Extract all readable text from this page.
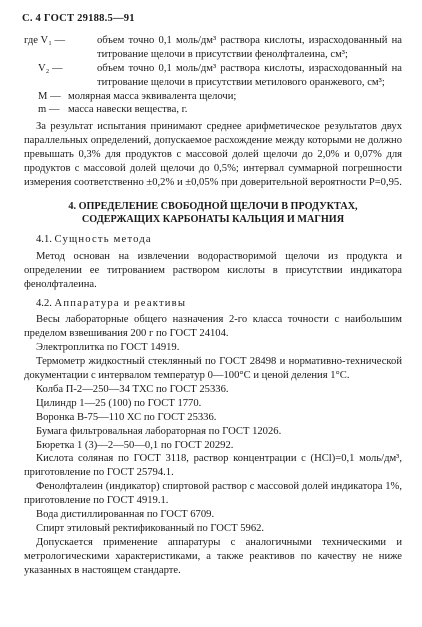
С. 4 ГОСТ 29188.5—91
где V₁ —	объем точно 0,1 моль/дм³ раствора кислоты, израсходованный на титрование щелочи в присутствии фенолфталеина, см³;
V₂ —	объем точно 0,1 моль/дм³ раствора кислоты, израсходованный на титрование щелочи в присутствии метилового оранжевого, см³;
M — молярная масса эквивалента щелочи;
m — масса навески вещества, г.

За результат испытания принимают среднее арифметическое результатов двух параллельных определений, допускаемое расхождение между которыми не должно превышать 0,3% для продуктов с массовой долей щелочи до 2,0% и 0,07% для продуктов с массовой долей щелочи до 0,5%; интервал суммарной погрешности измерения соответственно ±0,2% и ±0,05% при доверительной вероятности P=0,95.

4. ОПРЕДЕЛЕНИЕ СВОБОДНОЙ ЩЕЛОЧИ В ПРОДУКТАХ,
СОДЕРЖАЩИХ КАРБОНАТЫ КАЛЬЦИЯ И МАГНИЯ
4.1. Сущность метода

Метод основан на извлечении водорастворимой щелочи из продукта и определении ее титрованием раствором кислоты в присутствии индикатора фенолфталеина.

4.2. Аппаратура и реактивы

Весы лабораторные общего назначения 2-го класса точности с наибольшим пределом взвешивания 200 г по ГОСТ 24104.

Электроплитка по ГОСТ 14919.

Термометр жидкостный стеклянный по ГОСТ 28498 и нормативно-технической документации с интервалом температур 0—100°С и ценой деления 1°С.

Колба П-2—250—34 ТХС по ГОСТ 25336.

Цилиндр 1—25 (100) по ГОСТ 1770.

Воронка В-75—110 ХС по ГОСТ 25336.

Бумага фильтровальная лабораторная по ГОСТ 12026.

Бюретка 1 (3)—2—50—0,1 по ГОСТ 20292.

Кислота соляная по ГОСТ 3118, раствор концентрации с (HCl)=0,1 моль/дм³, приготовление по ГОСТ 25794.1.

Фенолфталеин (индикатор) спиртовой раствор с массовой долей индикатора 1%, приготовление по ГОСТ 4919.1.

Вода дистиллированная по ГОСТ 6709.

Спирт этиловый ректификованный по ГОСТ 5962.

Допускается применение аппаратуры с аналогичными техническими и метрологическими характеристиками, а также реактивов по качеству не ниже указанных в настоящем стандарте.
